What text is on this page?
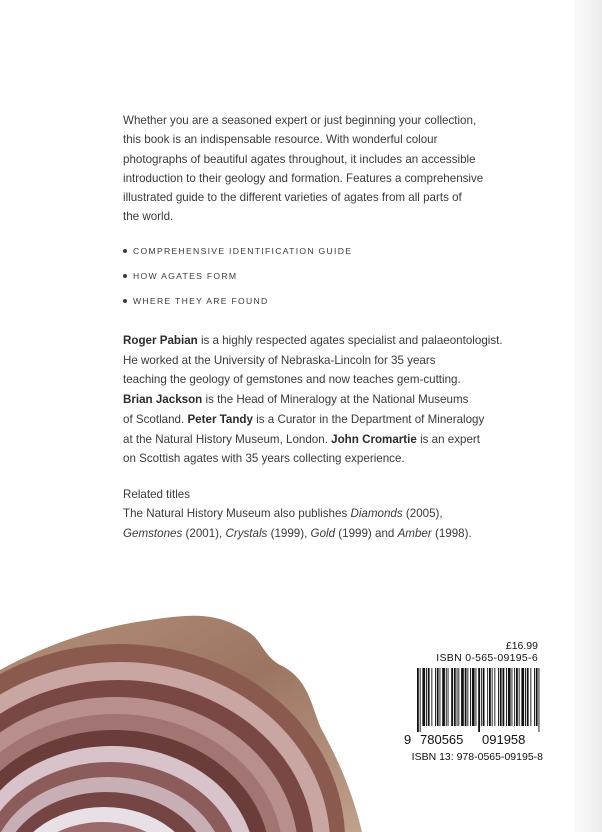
Whether you are a seasoned expert or just beginning your collection,
this book is an indispensable resource. With wonderful colour
photographs of beautiful agates throughout, it includes an accessible
introduction to their geology and formation. Features a comprehensive
illustrated guide to the different varieties of agates from all parts of
the world.

COMPREHENSIVE IDENTIFICATION GUIDE
HOW AGATES FORM
WHERE THEY ARE FOUND

Roger Pabian is a highly respected agates specialist and palaeontologist.
He worked at the University of Nebraska-Lincoln for 35 years
teaching the geology of gemstones and now teaches gem-cutting.
Brian Jackson is the Head of Mineralogy at the National Museums
of Scotland. Peter Tandy is a Curator in the Department of Mineralogy
at the Natural History Museum, London. John Cromartie is an expert
on Scottish agates with 35 years collecting experience.

Related titles

The Natural History Museum also publishes Diamonds (2005),
Gemstones (2001), Crystals (1999), Gold (1999) and Amber (1998).

£16.99
ISBN 0-565-09195-6
9 780565 091958
ISBN 13: 978-0565-09195-8
